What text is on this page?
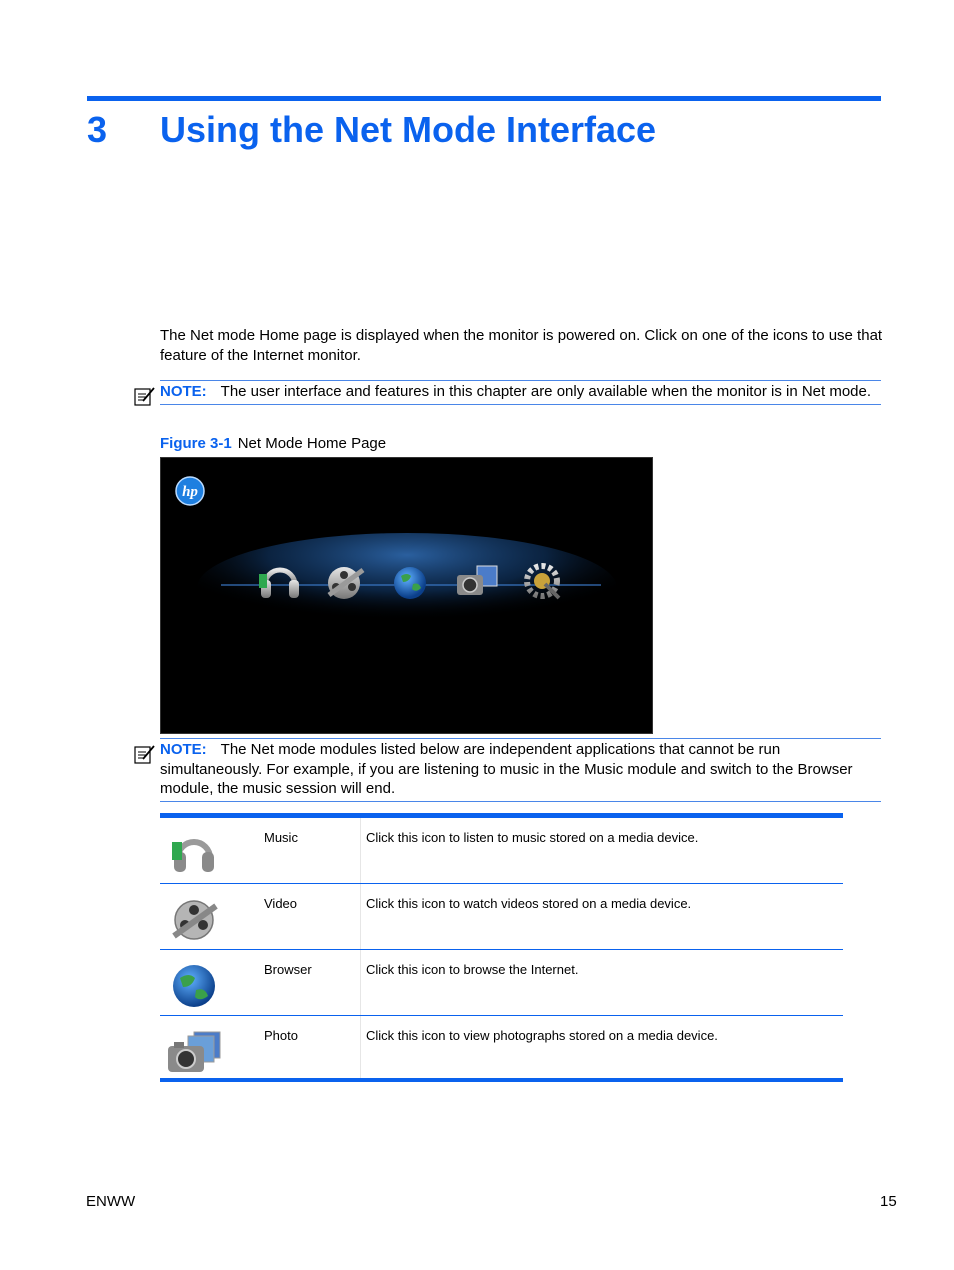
3 Using the Net Mode Interface
The Net mode Home page is displayed when the monitor is powered on. Click on one of the icons to use that feature of the Internet monitor.
NOTE: The user interface and features in this chapter are only available when the monitor is in Net mode.
Figure 3-1 Net Mode Home Page
hp
NOTE: The Net mode modules listed below are independent applications that cannot be run simultaneously. For example, if you are listening to music in the Music module and switch to the Browser module, the music session will end.
Music	Click this icon to listen to music stored on a media device.
Video	Click this icon to watch videos stored on a media device.
Browser	Click this icon to browse the Internet.
Photo	Click this icon to view photographs stored on a media device.
ENWW	15
